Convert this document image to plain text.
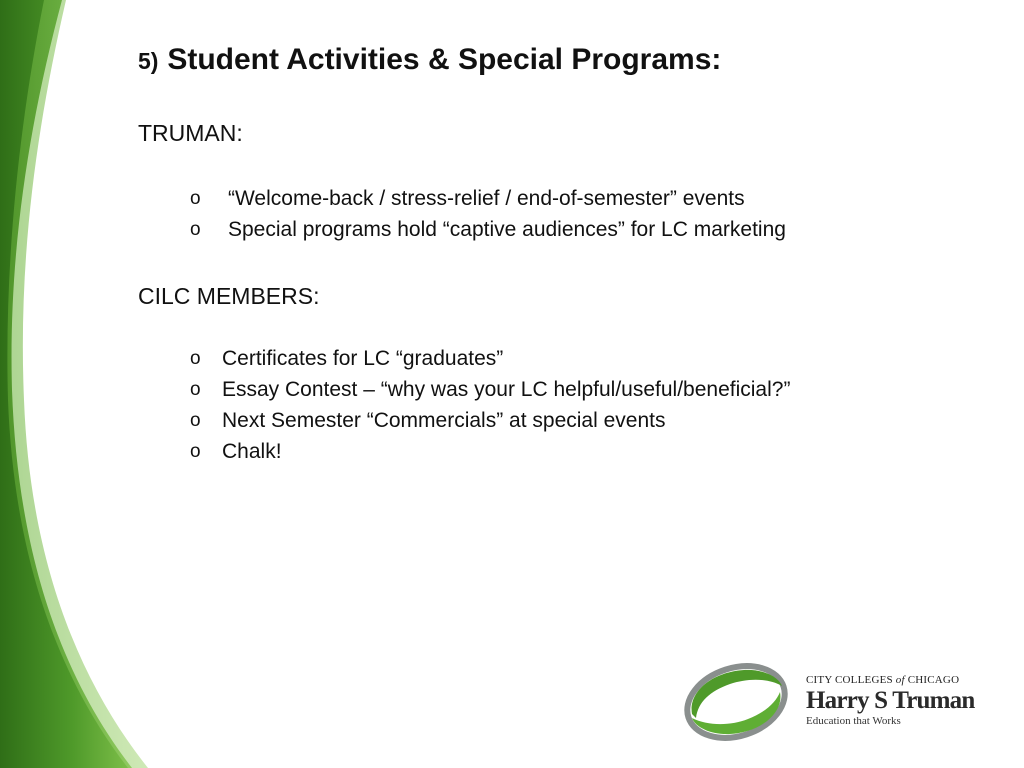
5) Student Activities & Special Programs:
TRUMAN:
o “Welcome-back / stress-relief / end-of-semester” events
o Special programs hold “captive audiences” for LC marketing
CILC MEMBERS:
o Certificates for LC “graduates”
o Essay Contest – “why was your LC helpful/useful/beneficial?”
o Next Semester “Commercials” at special events
o Chalk!
CITY COLLEGES of CHICAGO
Harry S Truman
Education that Works
